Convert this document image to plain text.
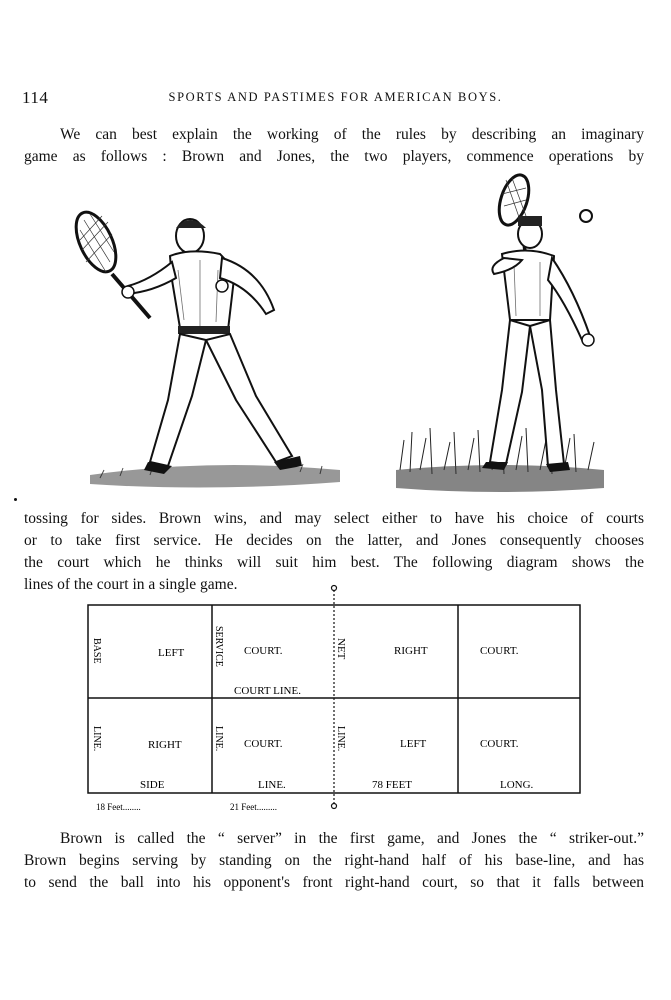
114	SPORTS AND PASTIMES FOR AMERICAN BOYS.
We can best explain the working of the rules by describing an imaginary
game as follows : Brown and Jones, the two players, commence operations by
tossing for sides. Brown wins, and may select either to have his choice of courts
or to take first service. He decides on the latter, and Jones consequently chooses
the court which he thinks will suit him best. The following diagram shows the
lines of the court in a single game.
BASE	LEFT	SERVICE COURT.	NET	RIGHT	COURT.
COURT LINE.
LINE.	RIGHT	LINE. COURT.	LINE.	LEFT	COURT.
SIDE	LINE.	78 FEET	LONG.
18 Feet........	21 Feet.........
Brown is called the “ server” in the first game, and Jones the “ striker-out.”
Brown begins serving by standing on the right-hand half of his base-line, and has
to send the ball into his opponent's front right-hand court, so that it falls between
